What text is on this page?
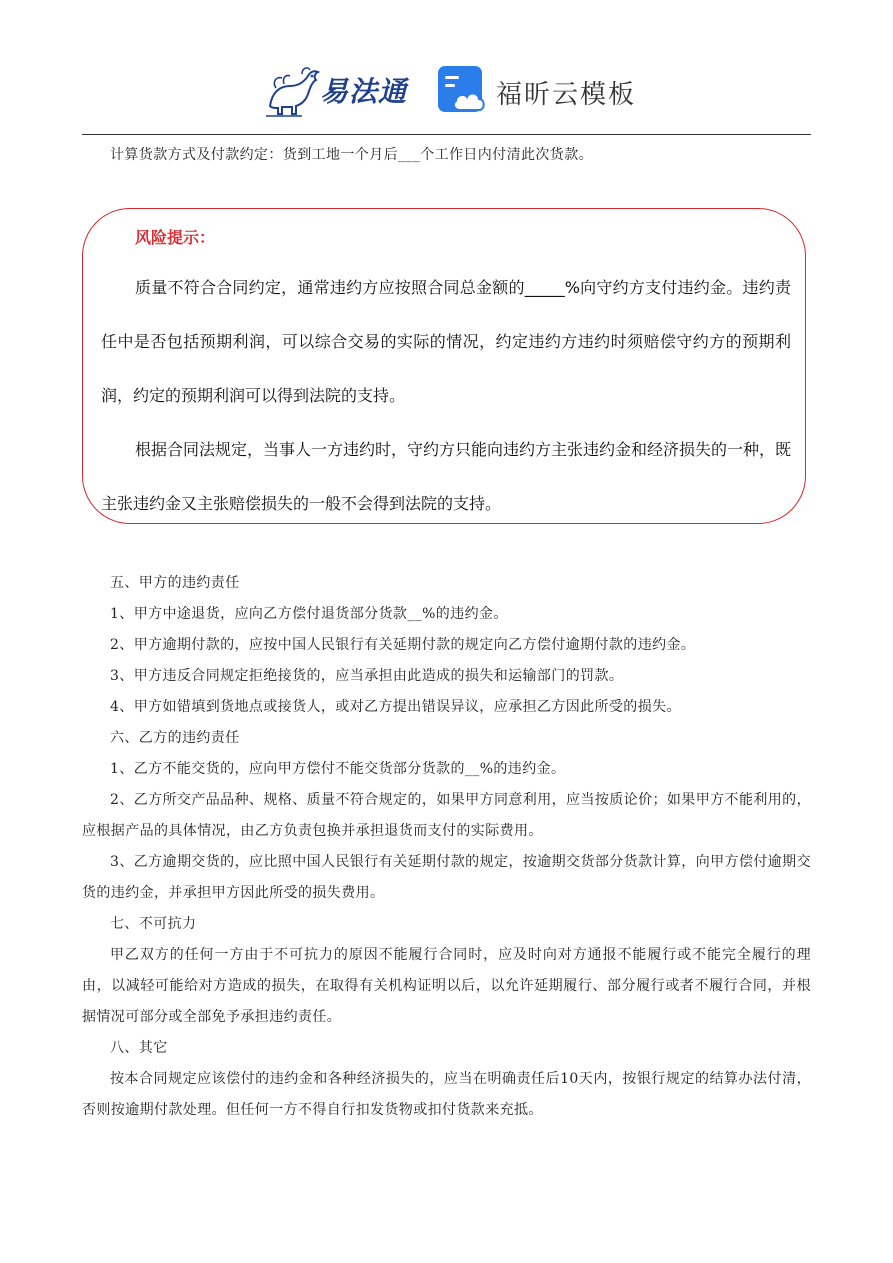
易法通	福昕云模板

计算货款方式及付款约定：货到工地一个月后___个工作日内付清此次货款。

风险提示：

质量不符合合同约定，通常违约方应按照合同总金额的_____%向守约方支付违约金。违约责任中是否包括预期利润，可以综合交易的实际的情况，约定违约方违约时须赔偿守约方的预期利润，约定的预期利润可以得到法院的支持。

根据合同法规定，当事人一方违约时，守约方只能向违约方主张违约金和经济损失的一种，既主张违约金又主张赔偿损失的一般不会得到法院的支持。

五、甲方的违约责任

1、甲方中途退货，应向乙方偿付退货部分货款__%的违约金。

2、甲方逾期付款的，应按中国人民银行有关延期付款的规定向乙方偿付逾期付款的违约金。

3、甲方违反合同规定拒绝接货的，应当承担由此造成的损失和运输部门的罚款。

4、甲方如错填到货地点或接货人，或对乙方提出错误异议，应承担乙方因此所受的损失。

六、乙方的违约责任

1、乙方不能交货的，应向甲方偿付不能交货部分货款的__%的违约金。

2、乙方所交产品品种、规格、质量不符合规定的，如果甲方同意利用，应当按质论价；如果甲方不能利用的，应根据产品的具体情况，由乙方负责包换并承担退货而支付的实际费用。

3、乙方逾期交货的，应比照中国人民银行有关延期付款的规定，按逾期交货部分货款计算，向甲方偿付逾期交货的违约金，并承担甲方因此所受的损失费用。

七、不可抗力

甲乙双方的任何一方由于不可抗力的原因不能履行合同时，应及时向对方通报不能履行或不能完全履行的理由，以减轻可能给对方造成的损失，在取得有关机构证明以后，以允许延期履行、部分履行或者不履行合同，并根据情况可部分或全部免予承担违约责任。

八、其它

按本合同规定应该偿付的违约金和各种经济损失的，应当在明确责任后10天内，按银行规定的结算办法付清，否则按逾期付款处理。但任何一方不得自行扣发货物或扣付货款来充抵。
